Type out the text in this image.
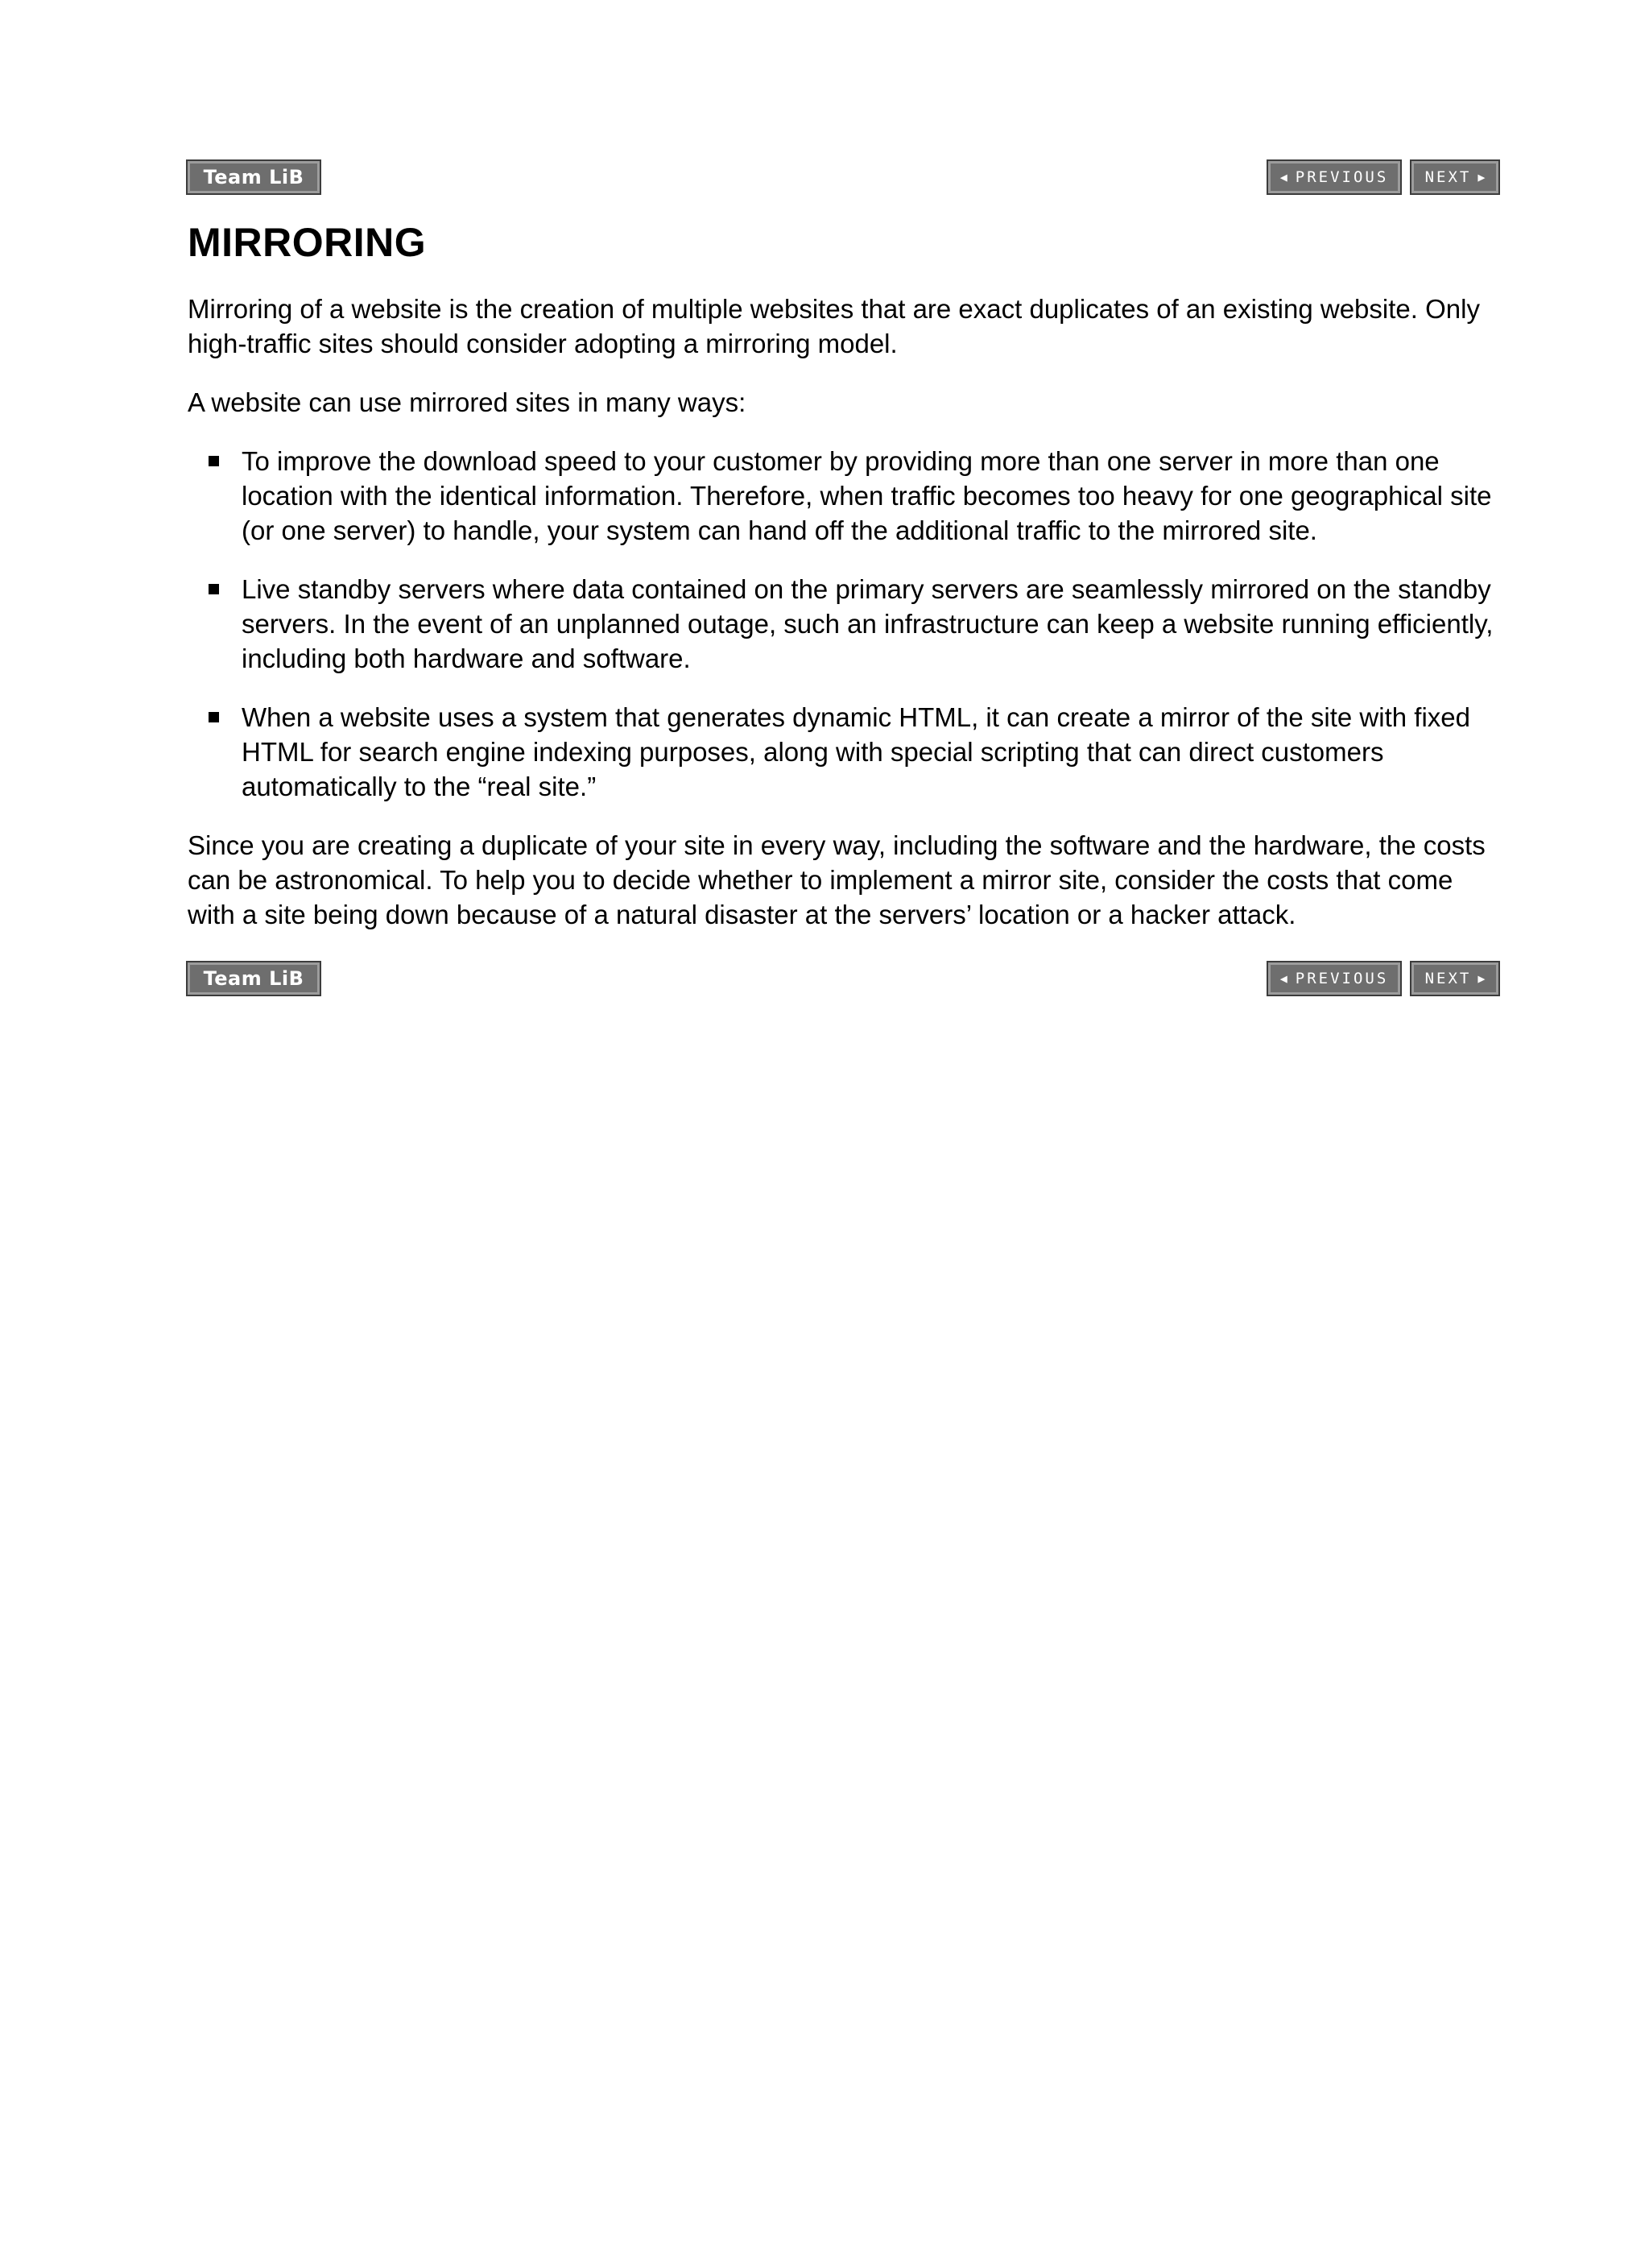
Team LiB	◀ PREVIOUS NEXT ▶
MIRRORING

Mirroring of a website is the creation of multiple websites that are exact duplicates of an existing website. Only high-traffic sites should consider adopting a mirroring model.

A website can use mirrored sites in many ways:

To improve the download speed to your customer by providing more than one server in more than one location with the identical information. Therefore, when traffic becomes too heavy for one geographical site (or one server) to handle, your system can hand off the additional traffic to the mirrored site.
Live standby servers where data contained on the primary servers are seamlessly mirrored on the standby servers. In the event of an unplanned outage, such an infrastructure can keep a website running efficiently, including both hardware and software.
When a website uses a system that generates dynamic HTML, it can create a mirror of the site with fixed HTML for search engine indexing purposes, along with special scripting that can direct customers automatically to the “real site.”

Since you are creating a duplicate of your site in every way, including the software and the hardware, the costs can be astronomical. To help you to decide whether to implement a mirror site, consider the costs that come with a site being down because of a natural disaster at the servers’ location or a hacker attack.

Team LiB	◀ PREVIOUS NEXT ▶
